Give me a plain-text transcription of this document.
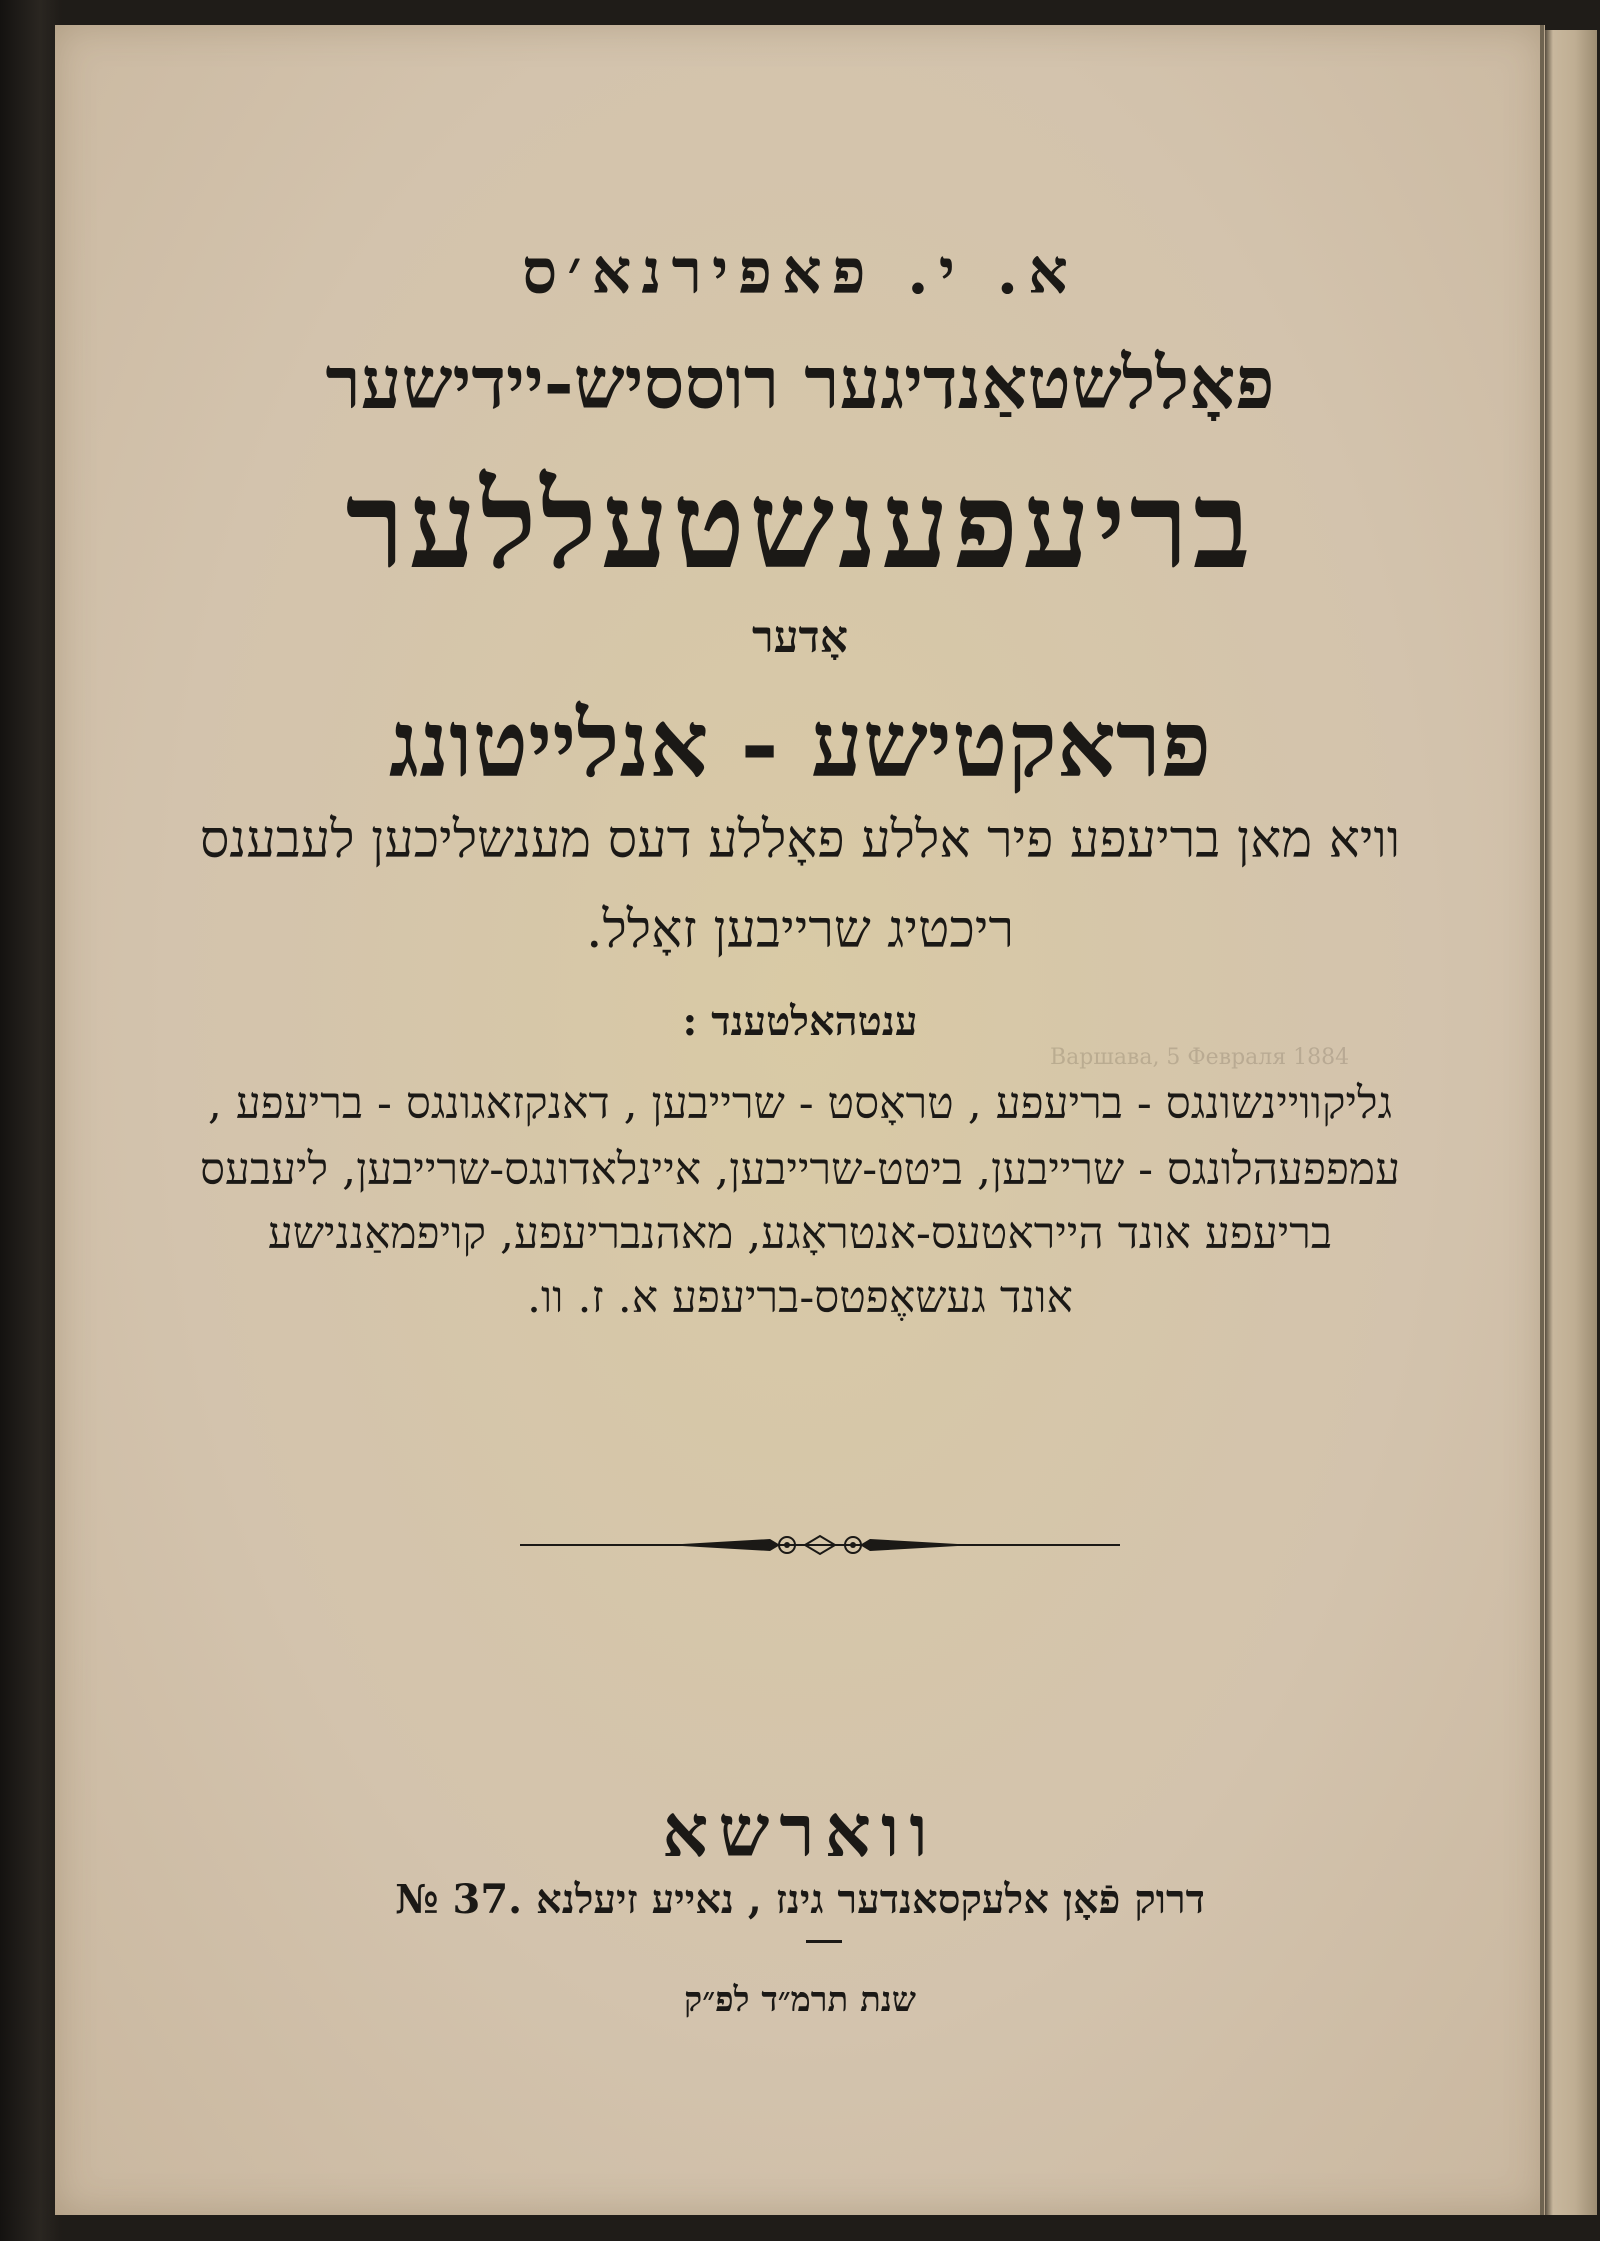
Варшава, 5 Февраля 1884
א. י. פאפירנא׳ס
פאָללשטאַנדיגער רוססיש-יידישער
בריעפענשטעללער
אָדער
פראקטישע - אנלייטונג
וויא מאן בריעפע פיר אללע פאָללע דעס מענשליכען לעבענס
ריכטיג שרייבען זאָלל.
ענטהאלטענד :
גליקוויינשונגס - בריעפע , טראָסט - שרייבען , דאנקזאגונגס - בריעפע ,
עמפפעהלונגס - שרייבען, ביטט-שרייבען, איינלאדונגס-שרייבען, ליעבעס
בריעפע אונד הייראטעס-אנטראָגע, מאהנבריעפע, קויפמאַננישע
אונד געשאֶפטס-בריעפע א. ז. וו.
ווארשא
דרוק פֿאָן אלעקסאנדער גינז , נאייע זיעלנא .37 №
שנת תרמ״ד לפ״ק
